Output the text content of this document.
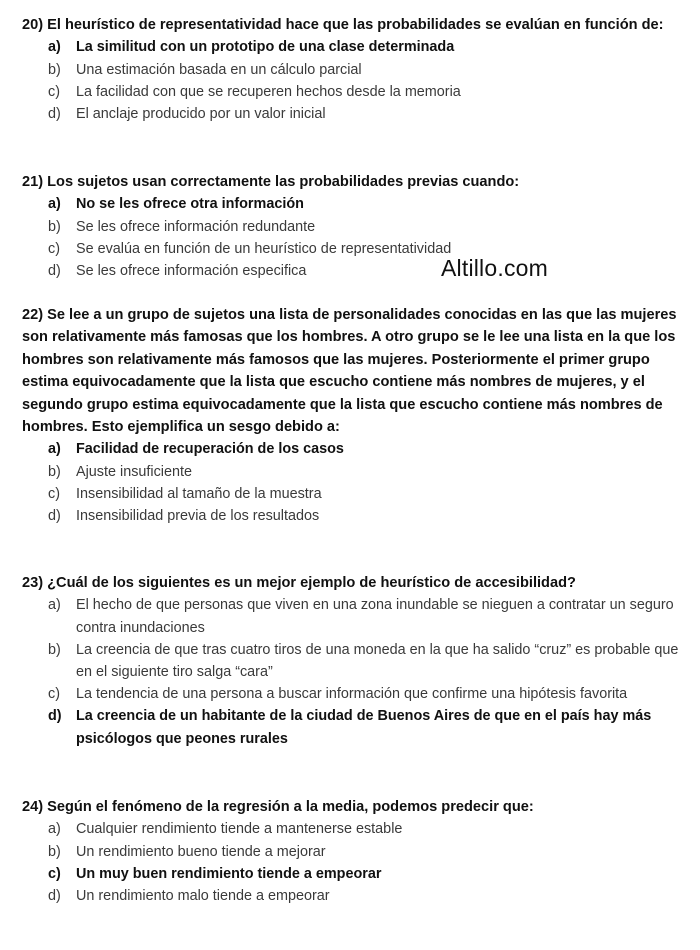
20) El heurístico de representatividad hace que las probabilidades se evalúan en función de:

a) La similitud con un prototipo de una clase determinada
b) Una estimación basada en un cálculo parcial
c) La facilidad con que se recuperen hechos desde la memoria
d) El anclaje producido por un valor inicial

21) Los sujetos usan correctamente las probabilidades previas cuando:

a) No se les ofrece otra información
b) Se les ofrece información redundante
c) Se evalúa en función de un heurístico de representatividad
d) Se les ofrece información especifica	Altillo.com

22) Se lee a un grupo de sujetos una lista de personalidades conocidas en las que las mujeres son relativamente más famosas que los hombres. A otro grupo se le lee una lista en la que los hombres son relativamente más famosos que las mujeres. Posteriormente el primer grupo estima equivocadamente que la lista que escucho contiene más nombres de mujeres, y el segundo grupo estima equivocadamente que la lista que escucho contiene más nombres de hombres. Esto ejemplifica un sesgo debido a:

a) Facilidad de recuperación de los casos
b) Ajuste insuficiente
c) Insensibilidad al tamaño de la muestra
d) Insensibilidad previa de los resultados

23) ¿Cuál de los siguientes es un mejor ejemplo de heurístico de accesibilidad?

a) El hecho de que personas que viven en una zona inundable se nieguen a contratar un seguro contra inundaciones
b) La creencia de que tras cuatro tiros de una moneda en la que ha salido “cruz” es probable que en el siguiente tiro salga “cara”
c) La tendencia de una persona a buscar información que confirme una hipótesis favorita
d) La creencia de un habitante de la ciudad de Buenos Aires de que en el país hay más psicólogos que peones rurales

24) Según el fenómeno de la regresión a la media, podemos predecir que:

a) Cualquier rendimiento tiende a mantenerse estable
b) Un rendimiento bueno tiende a mejorar
c) Un muy buen rendimiento tiende a empeorar
d) Un rendimiento malo tiende a empeorar
